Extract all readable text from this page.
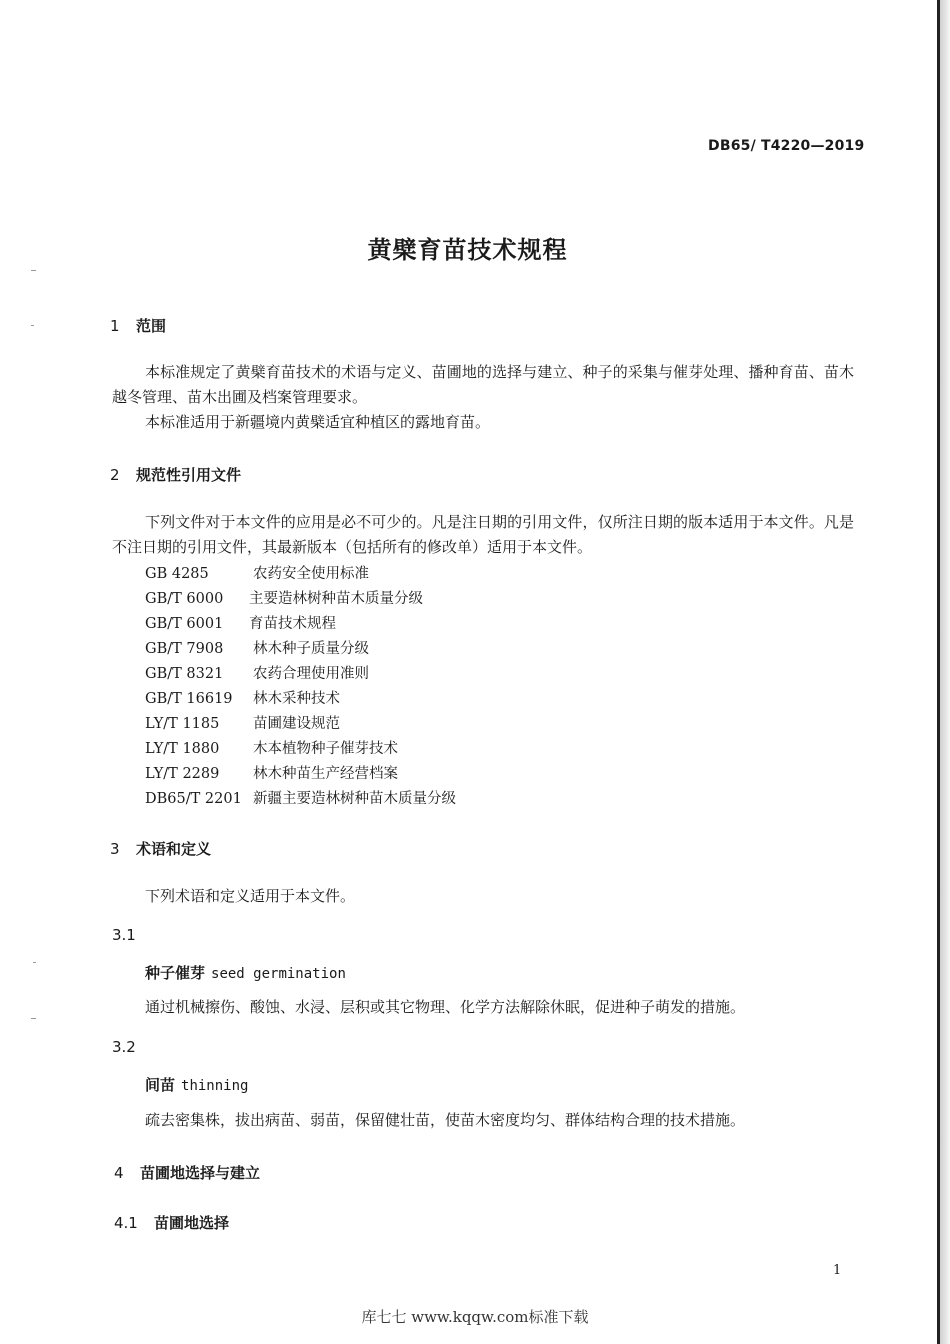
DB65/ T4220—2019
黄檗育苗技术规程
1 范围
本标准规定了黄檗育苗技术的术语与定义、苗圃地的选择与建立、种子的采集与催芽处理、播种育苗、苗木越冬管理、苗木出圃及档案管理要求。
本标准适用于新疆境内黄檗适宜种植区的露地育苗。
2 规范性引用文件
下列文件对于本文件的应用是必不可少的。凡是注日期的引用文件，仅所注日期的版本适用于本文件。凡是不注日期的引用文件，其最新版本（包括所有的修改单）适用于本文件。
GB 4285	农药安全使用标准
GB/T 6000 主要造林树种苗木质量分级
GB/T 6001 育苗技术规程
GB/T 7908 林木种子质量分级
GB/T 8321 农药合理使用准则
GB/T 16619 林木采种技术
LY/T 1185 苗圃建设规范
LY/T 1880 木本植物种子催芽技术
LY/T 2289 林木种苗生产经营档案
DB65/T 2201 新疆主要造林树种苗木质量分级
3 术语和定义
下列术语和定义适用于本文件。
3.1
种子催芽 seed germination
通过机械擦伤、酸蚀、水浸、层积或其它物理、化学方法解除休眠，促进种子萌发的措施。
3.2
间苗 thinning
疏去密集株，拔出病苗、弱苗，保留健壮苗，使苗木密度均匀、群体结构合理的技术措施。
4 苗圃地选择与建立
4.1 苗圃地选择
1
库七七 www.kqqw.com标准下载
